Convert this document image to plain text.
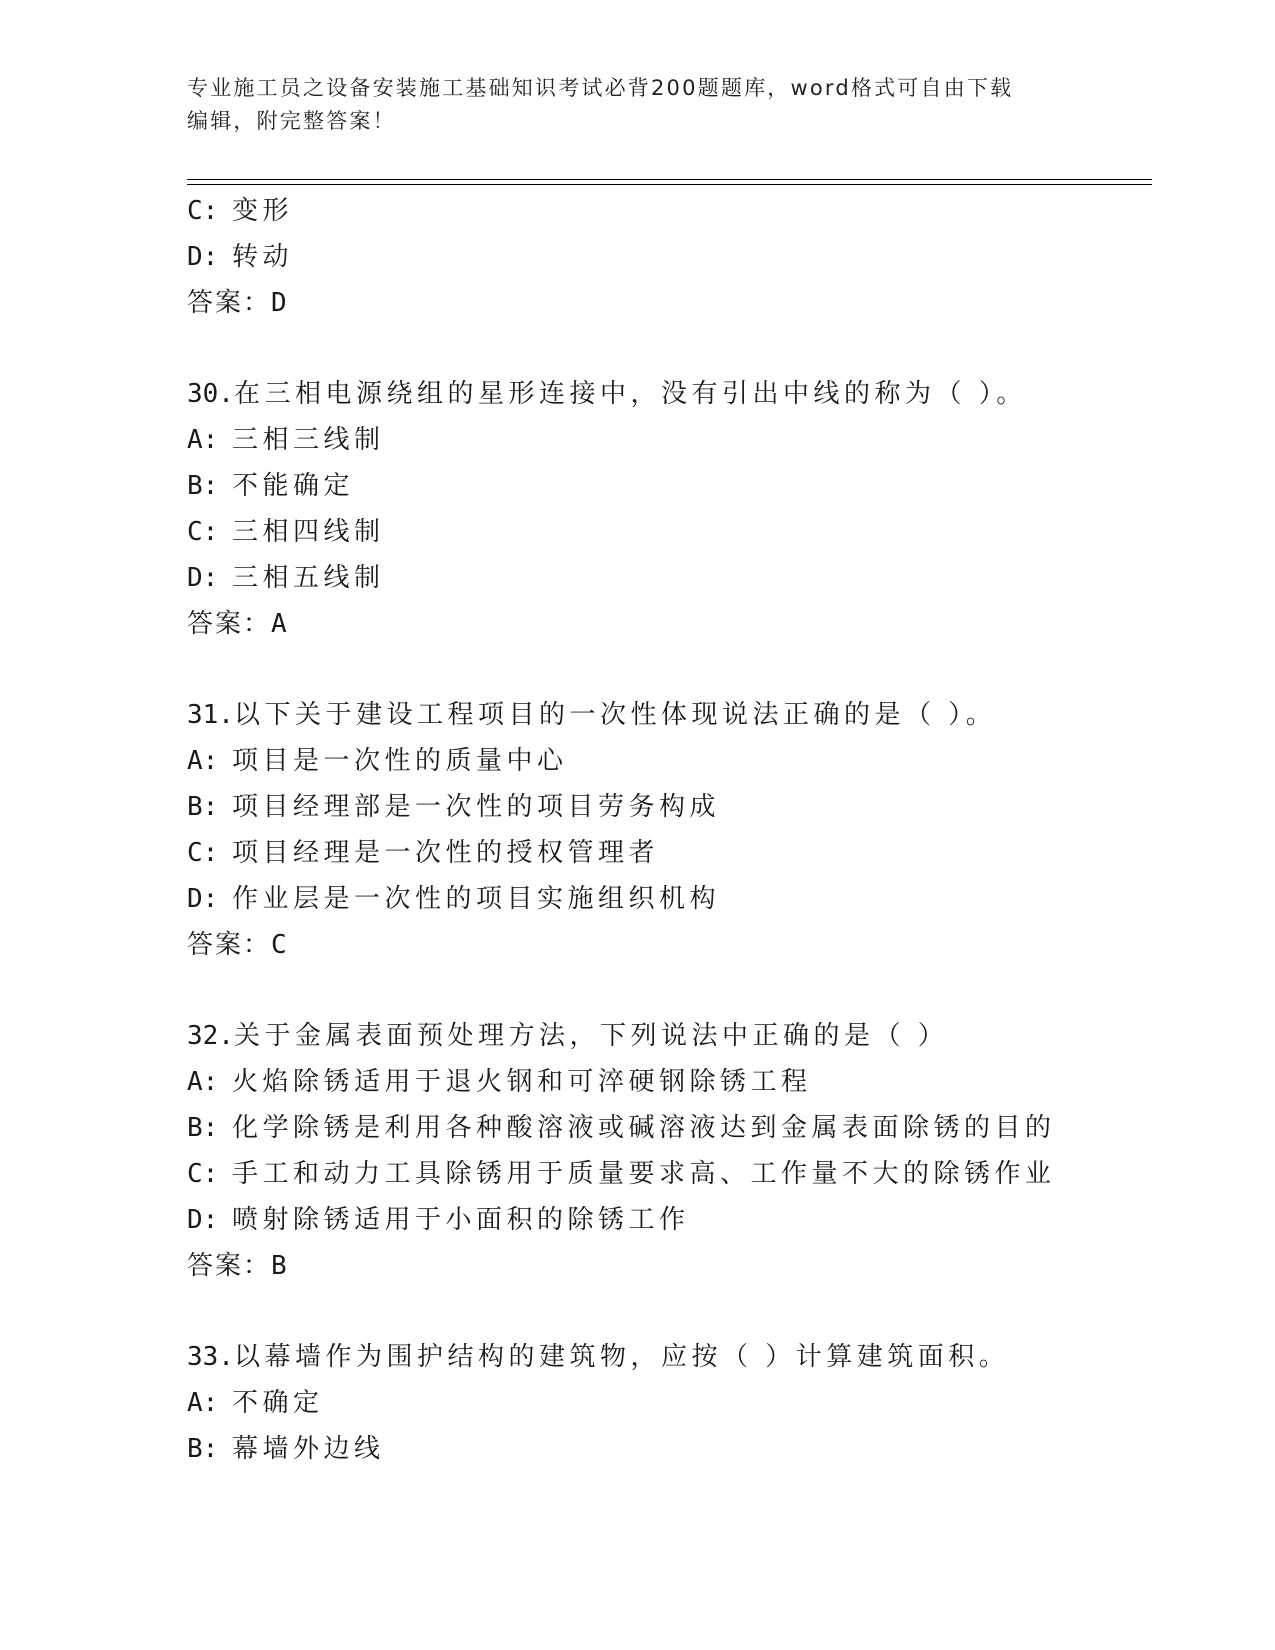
专业施工员之设备安装施工基础知识考试必背200题题库，word格式可自由下载
编辑，附完整答案！
C: 变形
D: 转动
答案：D
30.在三相电源绕组的星形连接中，没有引出中线的称为（ ）。
A: 三相三线制
B: 不能确定
C: 三相四线制
D: 三相五线制
答案：A
31.以下关于建设工程项目的一次性体现说法正确的是（ ）。
A: 项目是一次性的质量中心
B: 项目经理部是一次性的项目劳务构成
C: 项目经理是一次性的授权管理者
D: 作业层是一次性的项目实施组织机构
答案：C
32.关于金属表面预处理方法，下列说法中正确的是（ ）
A: 火焰除锈适用于退火钢和可淬硬钢除锈工程
B: 化学除锈是利用各种酸溶液或碱溶液达到金属表面除锈的目的
C: 手工和动力工具除锈用于质量要求高、工作量不大的除锈作业
D: 喷射除锈适用于小面积的除锈工作
答案：B
33.以幕墙作为围护结构的建筑物，应按（ ）计算建筑面积。
A: 不确定
B: 幕墙外边线
